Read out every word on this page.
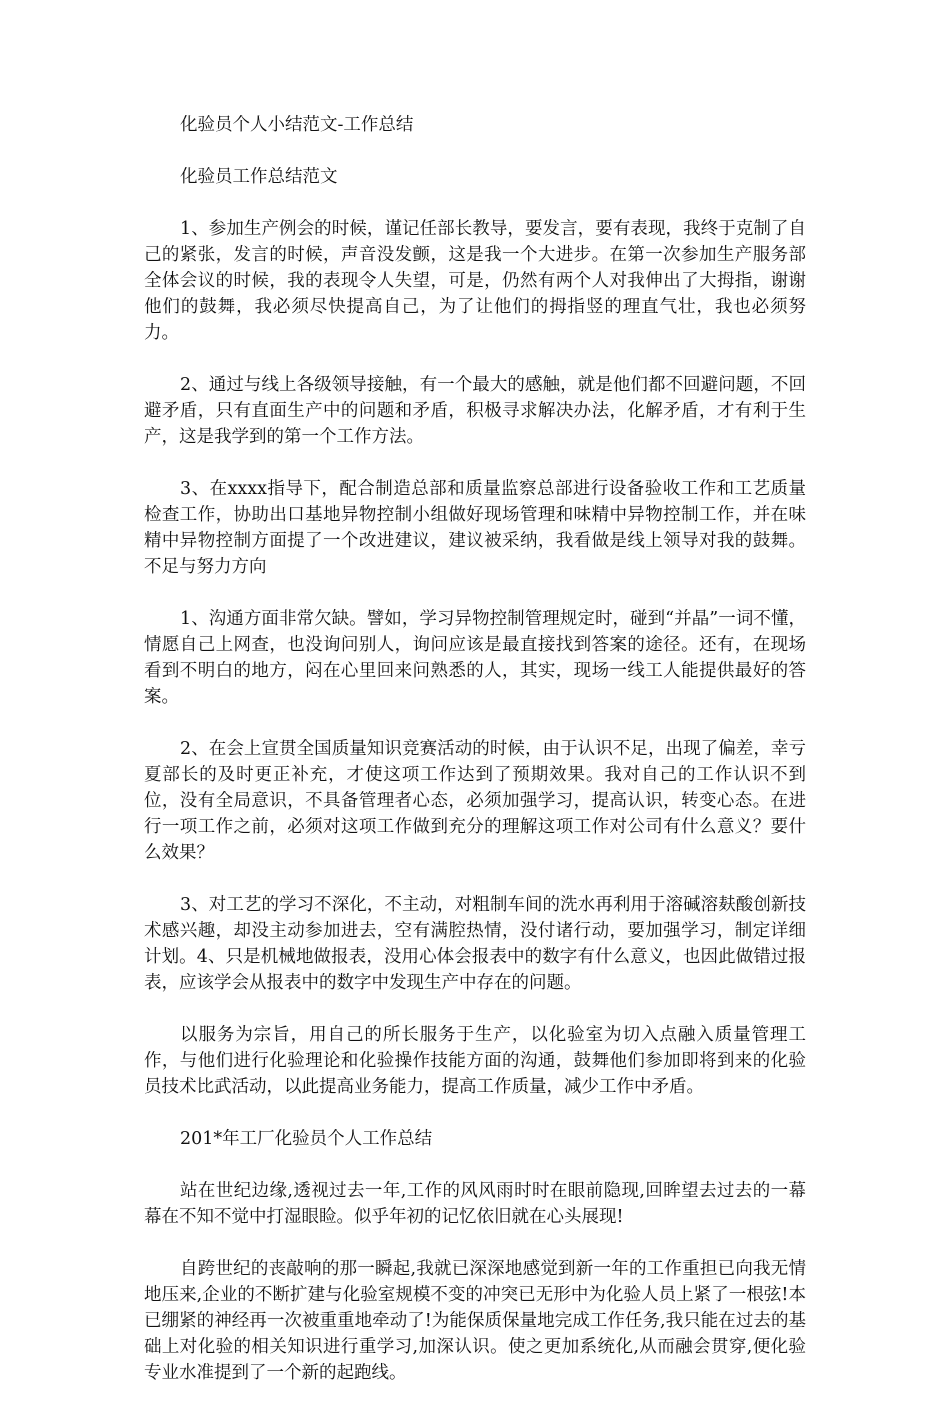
化验员个人小结范文-工作总结

化验员工作总结范文

1、参加生产例会的时候，谨记任部长教导，要发言，要有表现，我终于克制了自己的紧张，发言的时候，声音没发颤，这是我一个大进步。在第一次参加生产服务部全体会议的时候，我的表现令人失望，可是，仍然有两个人对我伸出了大拇指，谢谢他们的鼓舞，我必须尽快提高自己，为了让他们的拇指竖的理直气壮，我也必须努力。

2、通过与线上各级领导接触，有一个最大的感触，就是他们都不回避问题，不回避矛盾，只有直面生产中的问题和矛盾，积极寻求解决办法，化解矛盾，才有利于生产，这是我学到的第一个工作方法。

3、在xxxx指导下，配合制造总部和质量监察总部进行设备验收工作和工艺质量检查工作，协助出口基地异物控制小组做好现场管理和味精中异物控制工作，并在味精中异物控制方面提了一个改进建议，建议被采纳，我看做是线上领导对我的鼓舞。不足与努力方向

1、沟通方面非常欠缺。譬如，学习异物控制管理规定时，碰到“并晶”一词不懂，情愿自己上网查，也没询问别人，询问应该是最直接找到答案的途径。还有，在现场看到不明白的地方，闷在心里回来问熟悉的人，其实，现场一线工人能提供最好的答案。

2、在会上宣贯全国质量知识竞赛活动的时候，由于认识不足，出现了偏差，幸亏夏部长的及时更正补充，才使这项工作达到了预期效果。我对自己的工作认识不到位，没有全局意识，不具备管理者心态，必须加强学习，提高认识，转变心态。在进行一项工作之前，必须对这项工作做到充分的理解这项工作对公司有什么意义？要什么效果？

3、对工艺的学习不深化，不主动，对粗制车间的洗水再利用于溶碱溶麸酸创新技术感兴趣，却没主动参加进去，空有满腔热情，没付诸行动，要加强学习，制定详细计划。4、只是机械地做报表，没用心体会报表中的数字有什么意义，也因此做错过报表，应该学会从报表中的数字中发现生产中存在的问题。

以服务为宗旨，用自己的所长服务于生产，以化验室为切入点融入质量管理工作，与他们进行化验理论和化验操作技能方面的沟通，鼓舞他们参加即将到来的化验员技术比武活动，以此提高业务能力，提高工作质量，减少工作中矛盾。

201*年工厂化验员个人工作总结

站在世纪边缘,透视过去一年,工作的风风雨时时在眼前隐现,回眸望去过去的一幕幕在不知不觉中打湿眼睑。似乎年初的记忆依旧就在心头展现!

自跨世纪的丧敲响的那一瞬起,我就已深深地感觉到新一年的工作重担已向我无情地压来,企业的不断扩建与化验室规模不变的冲突已无形中为化验人员上紧了一根弦!本已绷紧的神经再一次被重重地牵动了!为能保质保量地完成工作任务,我只能在过去的基础上对化验的相关知识进行重学习,加深认识。使之更加系统化,从而融会贯穿,便化验专业水准提到了一个新的起跑线。
